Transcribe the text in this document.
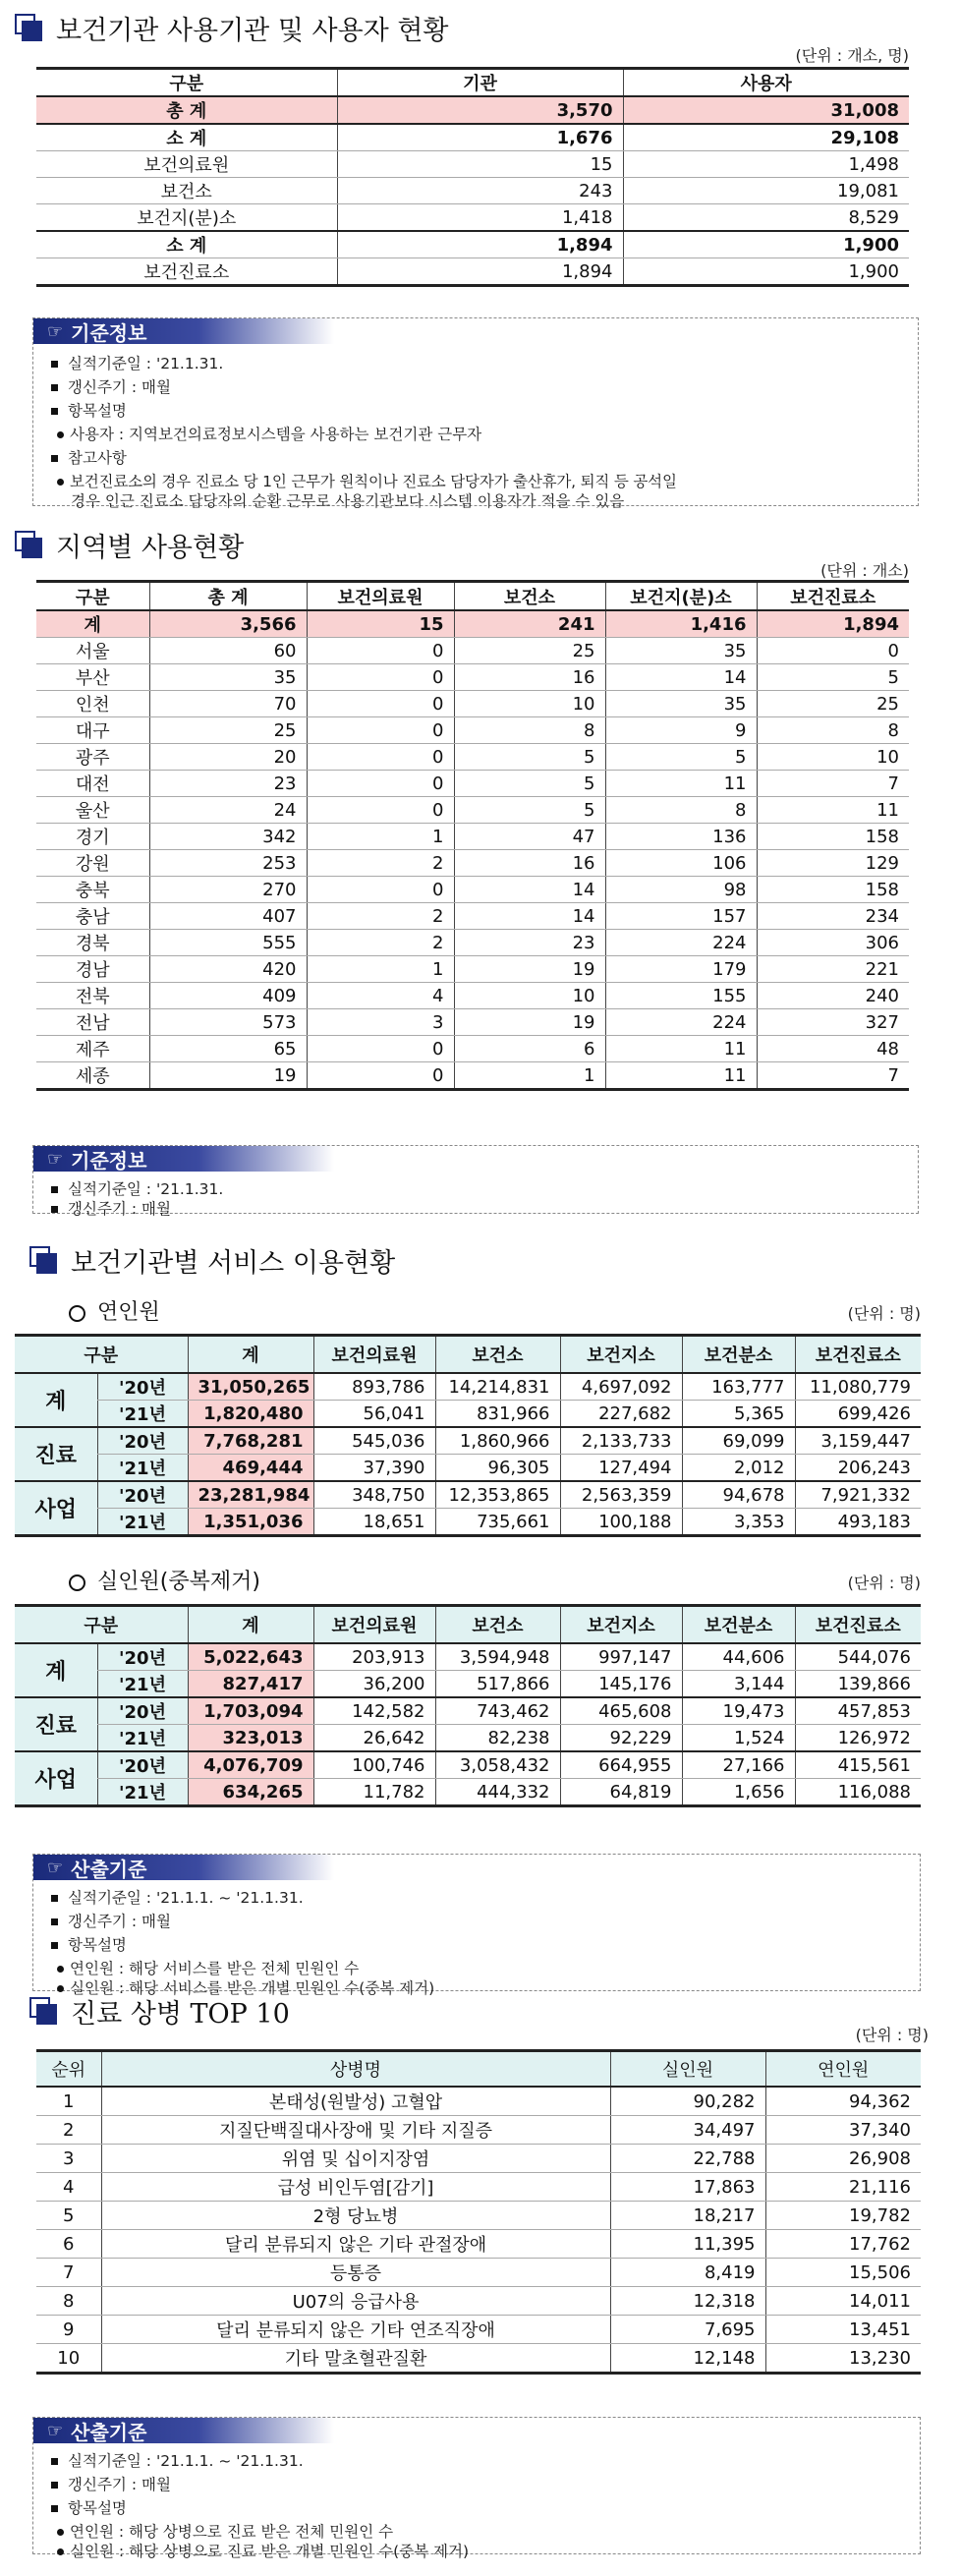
보건기관 사용기관 및 사용자 현황
(단위 : 개소, 명)
구분	기관	사용자
총 계	3,570	31,008
소 계	1,676	29,108
보건의료원	15	1,498
보건소	243	19,081
보건지(분)소	1,418	8,529
소 계	1,894	1,900
보건진료소	1,894	1,900
☞ 기준정보
실적기준일 : '21.1.31.
갱신주기 : 매월
항목설명
사용자 : 지역보건의료정보시스템을 사용하는 보건기관 근무자
참고사항
보건진료소의 경우 진료소 당 1인 근무가 원칙이나 진료소 담당자가 출산휴가, 퇴직 등 공석일
경우 인근 진료소 담당자의 순환 근무로 사용기관보다 시스템 이용자가 적을 수 있음
지역별 사용현황
(단위 : 개소)
구분	총 계	보건의료원	보건소	보건지(분)소	보건진료소
계	3,566	15	241	1,416	1,894
서울	60	0	25	35	0
부산	35	0	16	14	5
인천	70	0	10	35	25
대구	25	0	8	9	8
광주	20	0	5	5	10
대전	23	0	5	11	7
울산	24	0	5	8	11
경기	342	1	47	136	158
강원	253	2	16	106	129
충북	270	0	14	98	158
충남	407	2	14	157	234
경북	555	2	23	224	306
경남	420	1	19	179	221
전북	409	4	10	155	240
전남	573	3	19	224	327
제주	65	0	6	11	48
세종	19	0	1	11	7
☞ 기준정보
실적기준일 : '21.1.31.
갱신주기 : 매월
보건기관별 서비스 이용현황
연인원	(단위 : 명)
구분		계	보건의료원	보건소	보건지소	보건분소	보건진료소
계	'20년	31,050,265	893,786	14,214,831	4,697,092	163,777	11,080,779
	'21년	1,820,480	56,041	831,966	227,682	5,365	699,426
진료	'20년	7,768,281	545,036	1,860,966	2,133,733	69,099	3,159,447
	'21년	469,444	37,390	96,305	127,494	2,012	206,243
사업	'20년	23,281,984	348,750	12,353,865	2,563,359	94,678	7,921,332
	'21년	1,351,036	18,651	735,661	100,188	3,353	493,183
실인원(중복제거)	(단위 : 명)
구분		계	보건의료원	보건소	보건지소	보건분소	보건진료소
계	'20년	5,022,643	203,913	3,594,948	997,147	44,606	544,076
	'21년	827,417	36,200	517,866	145,176	3,144	139,866
진료	'20년	1,703,094	142,582	743,462	465,608	19,473	457,853
	'21년	323,013	26,642	82,238	92,229	1,524	126,972
사업	'20년	4,076,709	100,746	3,058,432	664,955	27,166	415,561
	'21년	634,265	11,782	444,332	64,819	1,656	116,088
☞ 산출기준
실적기준일 : '21.1.1. ~ '21.1.31.
갱신주기 : 매월
항목설명
연인원 : 해당 서비스를 받은 전체 민원인 수
실인원 : 해당 서비스를 받은 개별 민원인 수(중복 제거)
진료 상병 TOP 10
(단위 : 명)
순위	상병명	실인원	연인원
1	본태성(원발성) 고혈압	90,282	94,362
2	지질단백질대사장애 및 기타 지질증	34,497	37,340
3	위염 및 십이지장염	22,788	26,908
4	급성 비인두염[감기]	17,863	21,116
5	2형 당뇨병	18,217	19,782
6	달리 분류되지 않은 기타 관절장애	11,395	17,762
7	등통증	8,419	15,506
8	U07의 응급사용	12,318	14,011
9	달리 분류되지 않은 기타 연조직장애	7,695	13,451
10	기타 말초혈관질환	12,148	13,230
☞ 산출기준
실적기준일 : '21.1.1. ~ '21.1.31.
갱신주기 : 매월
항목설명
연인원 : 해당 상병으로 진료 받은 전체 민원인 수
실인원 : 해당 상병으로 진료 받은 개별 민원인 수(중복 제거)
